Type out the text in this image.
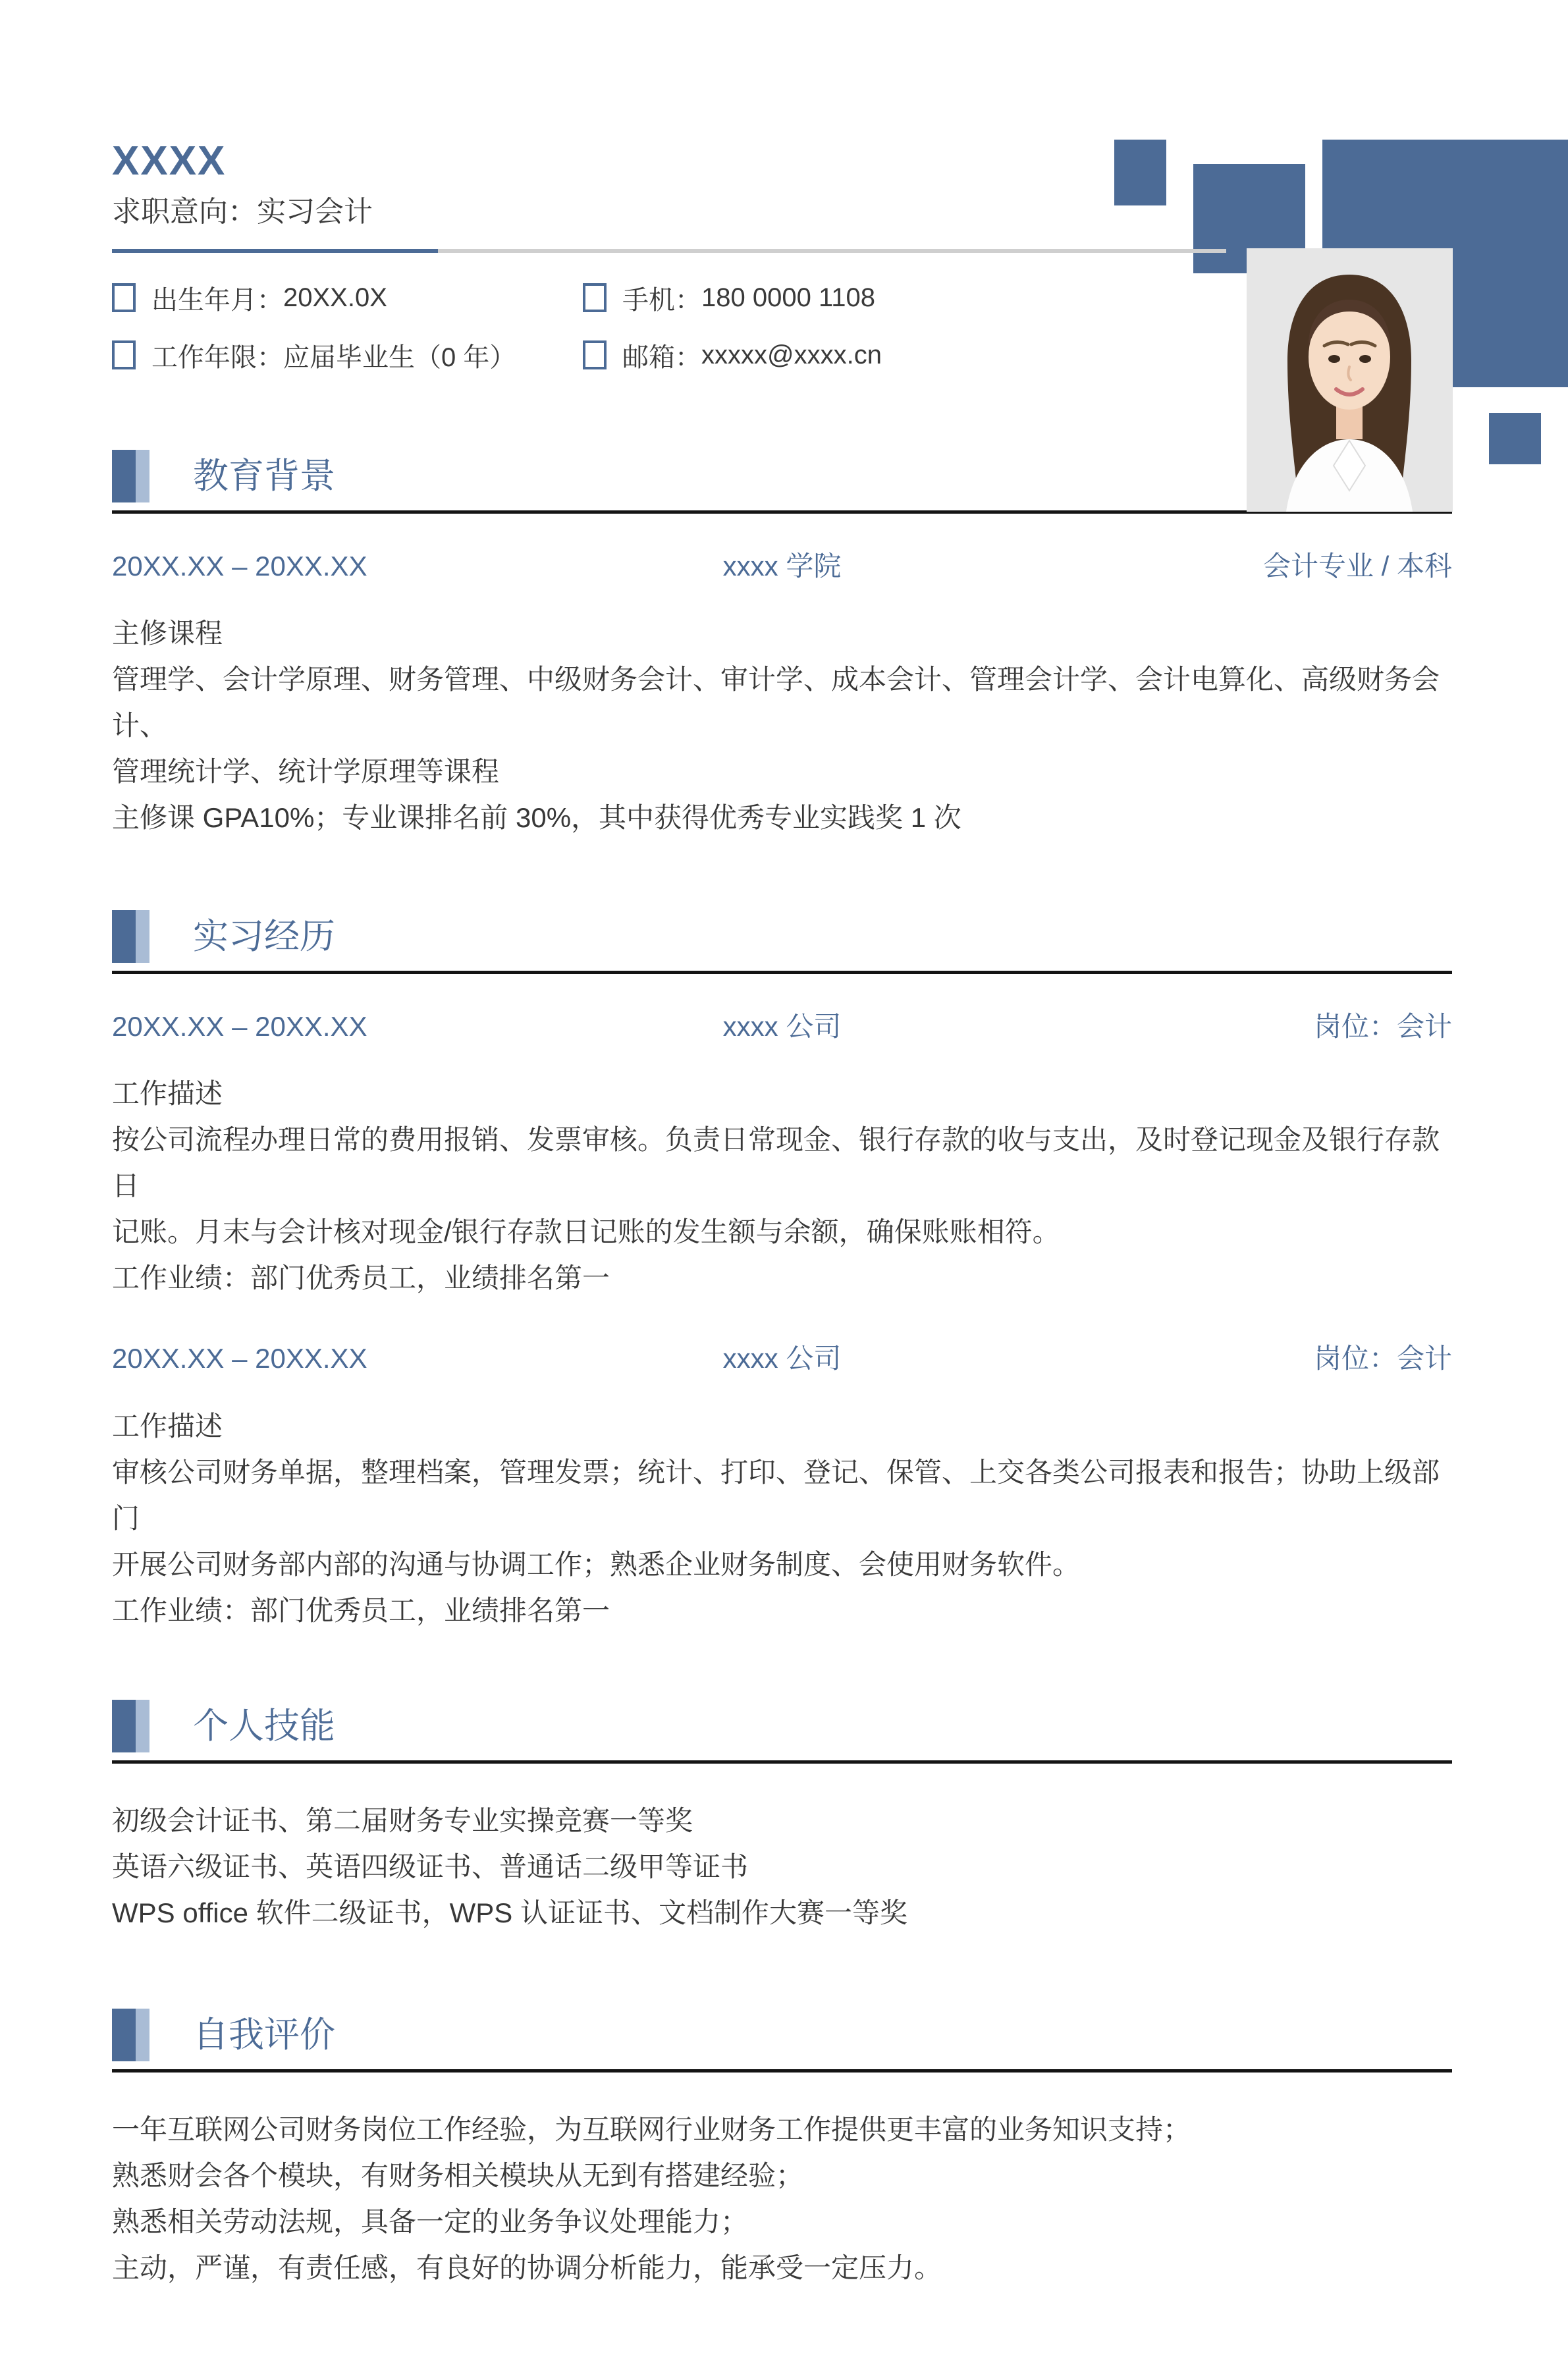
XXXX
求职意向：实习会计
出生年月： 20XX.0X	手机： 180 0000 1108
工作年限： 应届毕业生（0 年）	邮箱： xxxxx@xxxx.cn
教育背景
20XX.XX – 20XX.XX	xxxx 学院	会计专业 / 本科
主修课程
管理学、会计学原理、财务管理、中级财务会计、审计学、成本会计、管理会计学、会计电算化、高级财务会计、
管理统计学、统计学原理等课程
主修课 GPA10%；专业课排名前 30%，其中获得优秀专业实践奖 1 次
实习经历
20XX.XX – 20XX.XX	xxxx 公司	岗位：会计
工作描述
按公司流程办理日常的费用报销、发票审核。负责日常现金、银行存款的收与支出，及时登记现金及银行存款日
记账。月末与会计核对现金/银行存款日记账的发生额与余额，确保账账相符。
工作业绩：部门优秀员工，业绩排名第一
20XX.XX – 20XX.XX	xxxx 公司	岗位：会计
工作描述
审核公司财务单据，整理档案，管理发票；统计、打印、登记、保管、上交各类公司报表和报告；协助上级部门
开展公司财务部内部的沟通与协调工作；熟悉企业财务制度、会使用财务软件。
工作业绩：部门优秀员工，业绩排名第一
个人技能
初级会计证书、第二届财务专业实操竞赛一等奖
英语六级证书、英语四级证书、普通话二级甲等证书
WPS office 软件二级证书，WPS 认证证书、文档制作大赛一等奖
自我评价
一年互联网公司财务岗位工作经验，为互联网行业财务工作提供更丰富的业务知识支持；
熟悉财会各个模块，有财务相关模块从无到有搭建经验；
熟悉相关劳动法规，具备一定的业务争议处理能力；
主动，严谨，有责任感，有良好的协调分析能力，能承受一定压力。
